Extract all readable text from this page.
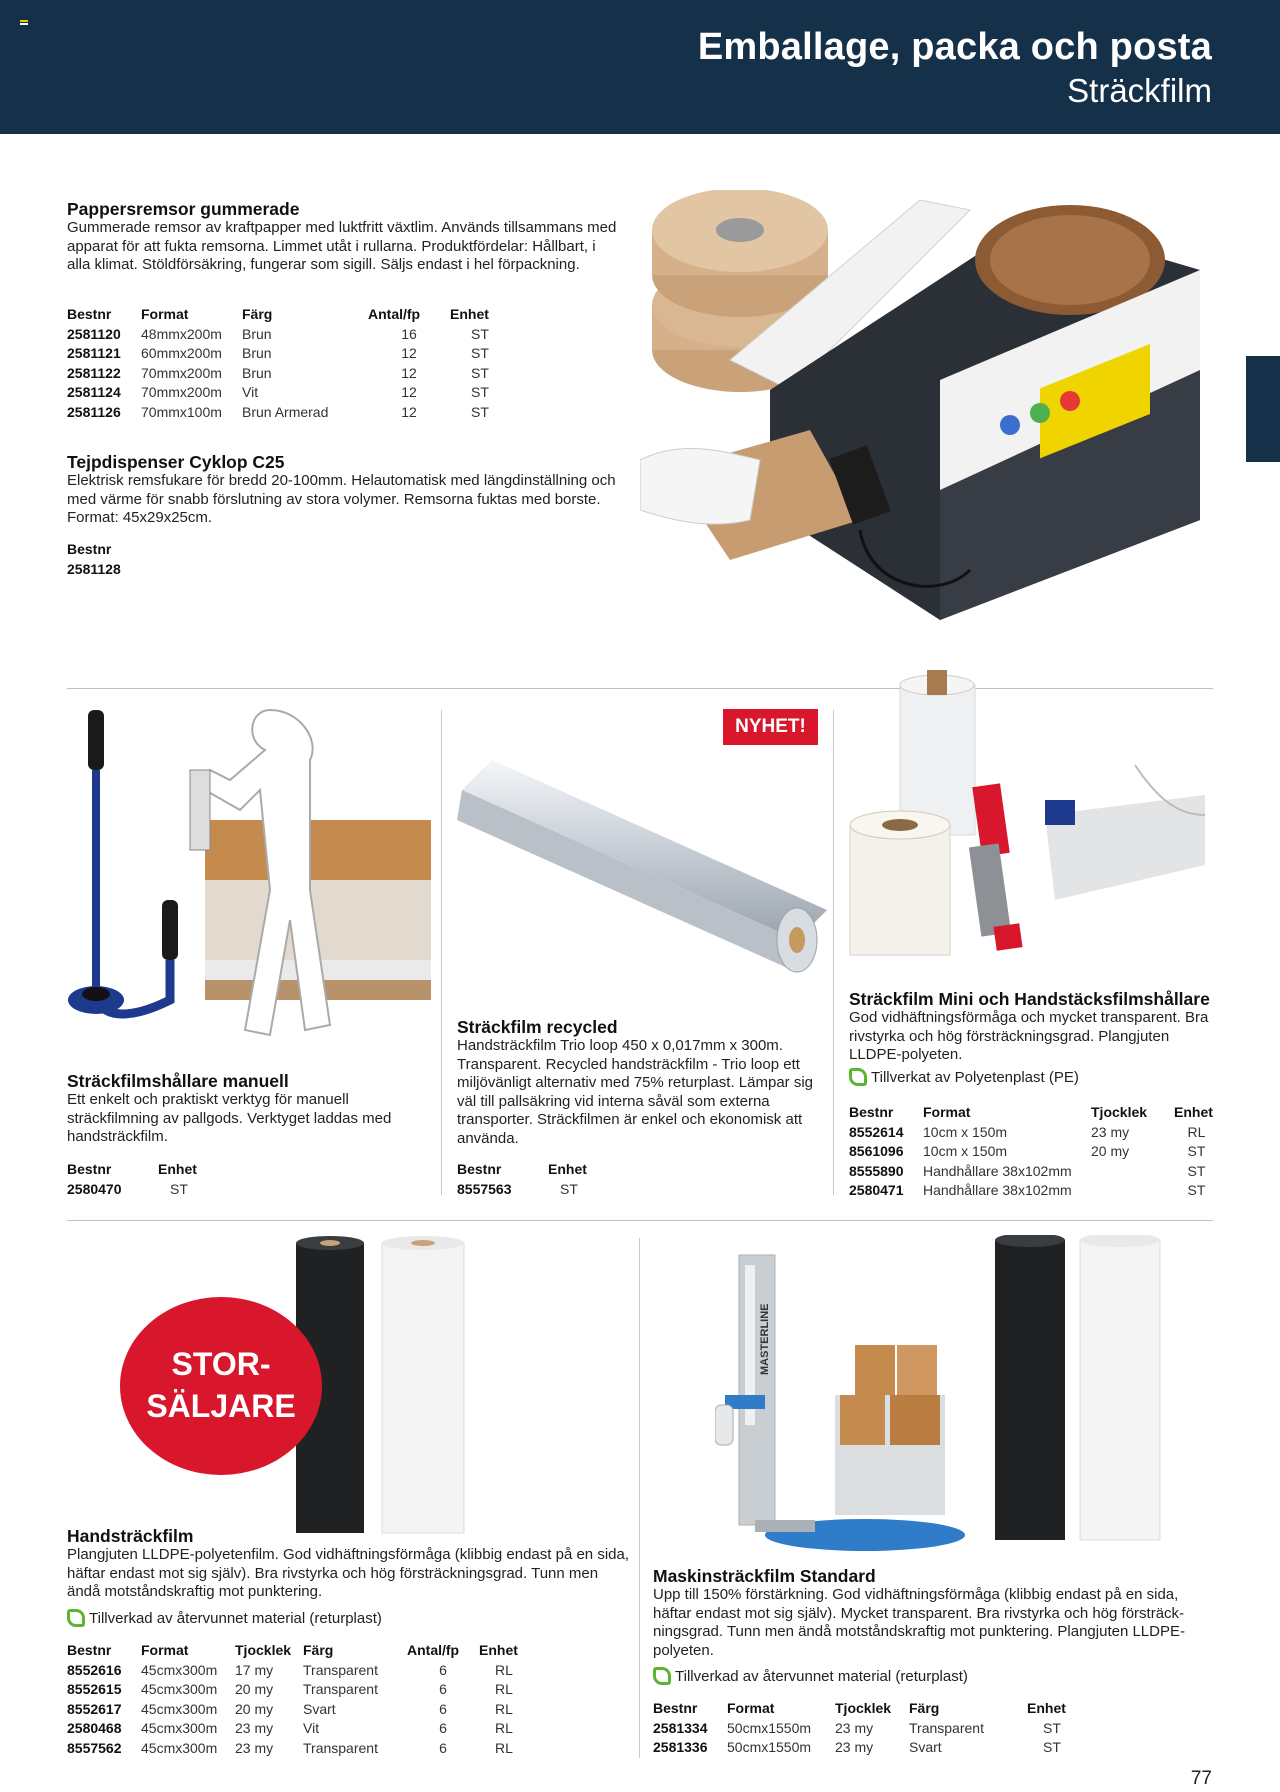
Emballage, packa och posta
Sträckfilm
Pappersremsor gummerade
Gummerade remsor av kraftpapper med luktfritt växtlim. Används tillsammans med apparat för att fukta remsorna. Limmet utåt i rullarna. Produktfördelar: Hållbart, i alla klimat. Stöldförsäkring, fungerar som sigill. Säljs endast i hel förpackning.
Bestnr	Format	Färg	Antal/fp	Enhet
2581120	48mmx200m	Brun	16	ST
2581121	60mmx200m	Brun	12	ST
2581122	70mmx200m	Brun	12	ST
2581124	70mmx200m	Vit	12	ST
2581126	70mmx100m	Brun Armerad	12	ST
Tejpdispenser Cyklop C25
Elektrisk remsfukare för bredd 20-100mm. Helautomatisk med längdinställning och med värme för snabb förslutning av stora volymer. Remsorna fuktas med borste. Format: 45x29x25cm.
Bestnr
2581128
Sträckfilmshållare manuell
Ett enkelt och praktiskt verktyg för manuell sträckfilmning av pallgods. Verktyget laddas med handsträckfilm.
Bestnr	Enhet
2580470	ST
NYHET!
Sträckfilm recycled
Handsträckfilm Trio loop 450 x 0,017mm x 300m. Transparent. Recycled handsträckfilm - Trio loop ett miljövänligt alternativ med 75% returplast. Lämpar sig väl till pallsäkring vid interna såväl som externa transporter. Sträckfilmen är enkel och ekonomisk att använda.
Bestnr	Enhet
8557563	ST
Sträckfilm Mini och Handstäcksfilmshållare
God vidhäftningsförmåga och mycket transparent. Bra rivstyrka och hög försträckningsgrad. Plangjuten LLDPE-polyeten.
Tillverkat av Polyetenplast (PE)
Bestnr	Format	Tjocklek	Enhet
8552614	10cm x 150m	23 my	RL
8561096	10cm x 150m	20 my	ST
8555890	Handhållare 38x102mm		ST
2580471	Handhållare 38x102mm		ST
STOR-
SÄLJARE
Handsträckfilm
Plangjuten LLDPE-polyetenfilm. God vidhäftningsförmåga (klibbig endast på en sida, häftar endast mot sig själv). Bra rivstyrka och hög försträckningsgrad. Tunn men ändå motståndskraftig mot punktering.
Tillverkad av återvunnet material (returplast)
Bestnr	Format	Tjocklek	Färg	Antal/fp	Enhet
8552616	45cmx300m	17 my	Transparent	6	RL
8552615	45cmx300m	20 my	Transparent	6	RL
8552617	45cmx300m	20 my	Svart	6	RL
2580468	45cmx300m	23 my	Vit	6	RL
8557562	45cmx300m	23 my	Transparent	6	RL
MASTERLINE
Maskinsträckfilm Standard
Upp till 150% förstärkning. God vidhäftningsförmåga (klibbig endast på en sida, häftar endast mot sig själv). Mycket transparent. Bra rivstyrka och hög försträck- ningsgrad. Tunn men ändå motståndskraftig mot punktering. Plangjuten LLDPE- polyeten.
Tillverkad av återvunnet material (returplast)
Bestnr	Format	Tjocklek	Färg	Enhet
2581334	50cmx1550m	23 my	Transparent	ST
2581336	50cmx1550m	23 my	Svart	ST
77
